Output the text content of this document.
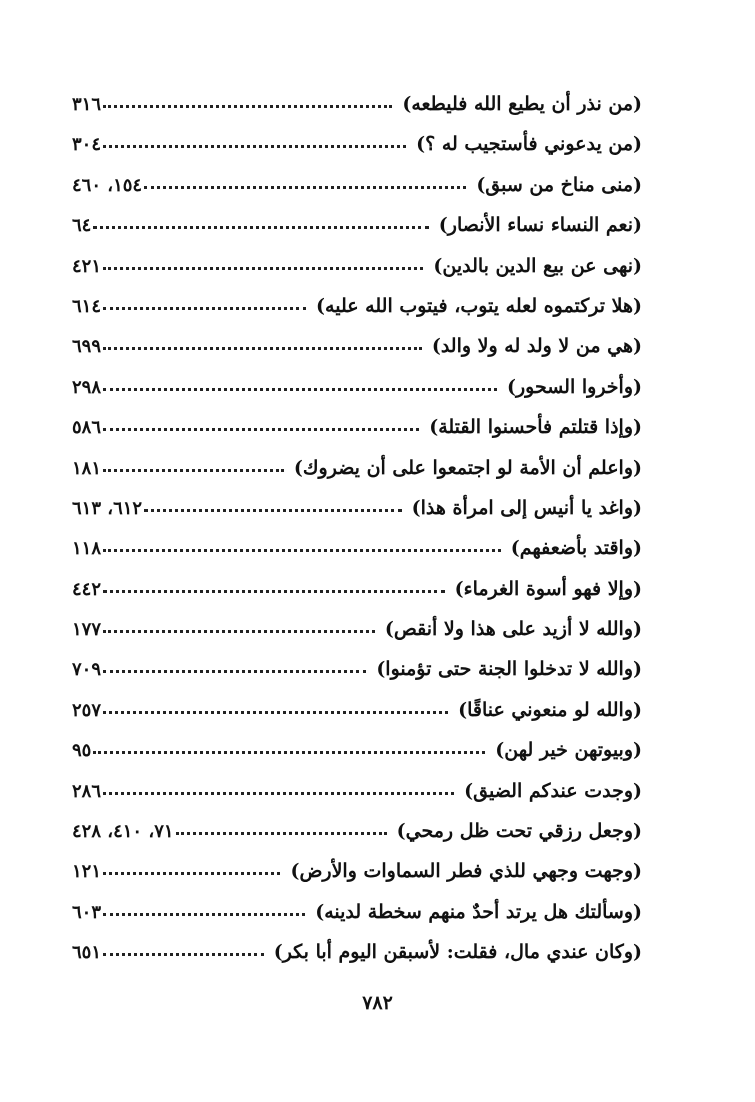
(من نذر أن يطيع الله فليطعه)
٣١٦
(من يدعوني فأستجيب له ؟)
٣٠٤
(منى مناخ من سبق)
١٥٤، ٤٦٠
(نعم النساء نساء الأنصار)
٦٤
(نهى عن بيع الدين بالدين)
٤٢١
(هلا تركتموه لعله يتوب، فيتوب الله عليه)
٦١٤
(هي من لا ولد له ولا والد)
٦٩٩
(وأخروا السحور)
٢٩٨
(وإذا قتلتم فأحسنوا القتلة)
٥٨٦
(واعلم أن الأمة لو اجتمعوا على أن يضروك)
١٨١
(واغد يا أنيس إلى امرأة هذا)
٦١٢، ٦١٣
(واقتد بأضعفهم)
١١٨
(وإلا فهو أسوة الغرماء)
٤٤٢
(والله لا أزيد على هذا ولا أنقص)
١٧٧
(والله لا تدخلوا الجنة حتى تؤمنوا)
٧٠٩
(والله لو منعوني عناقًا)
٢٥٧
(وبيوتهن خير لهن)
٩٥
(وجدت عندكم الضيق)
٢٨٦
(وجعل رزقي تحت ظل رمحي)
٧١، ٤١٠، ٤٢٨
(وجهت وجهي للذي فطر السماوات والأرض)
١٢١
(وسألتك هل يرتد أحدٌ منهم سخطة لدينه)
٦٠٣
(وكان عندي مال، فقلت: لأسبقن اليوم أبا بكر)
٦٥١
٧٨٢
